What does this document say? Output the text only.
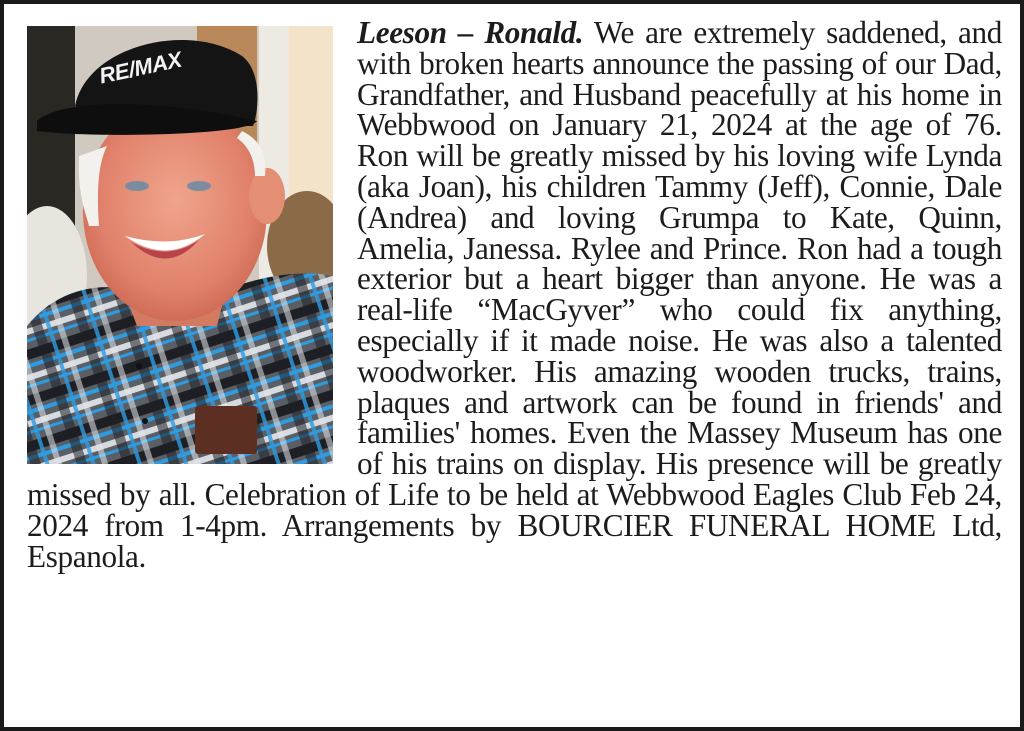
RE/MAX
Leeson – Ronald. We are extremely saddened, and with broken hearts announce the passing of our Dad, Grandfather, and Husband peacefully at his home in Webbwood on January 21, 2024 at the age of 76. Ron will be greatly missed by his loving wife Lynda (aka Joan), his children Tammy (Jeff), Connie, Dale (Andrea) and loving Grumpa to Kate, Quinn, Amelia, Janessa. Rylee and Prince. Ron had a tough exterior but a heart bigger than anyone. He was a real-life “MacGyver” who could fix anything, especially if it made noise. He was also a talented woodworker. His amazing wooden trucks, trains, plaques and artwork can be found in friends' and families' homes. Even the Massey Museum has one of his trains on display. His presence will be greatly missed by all. Celebration of Life to be held at Webbwood Eagles Club Feb 24, 2024 from 1-4pm. Arrangements by BOURCIER FUNERAL HOME Ltd, Espanola.
